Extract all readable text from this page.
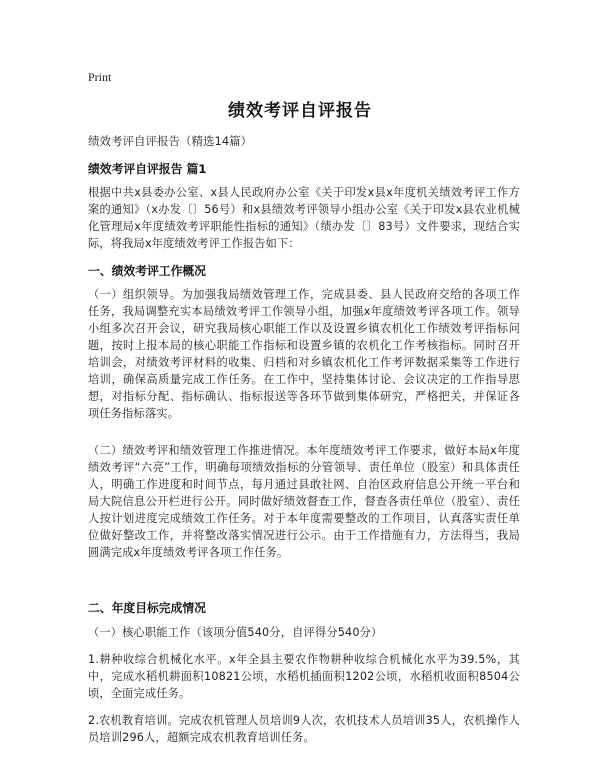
Print
绩效考评自评报告
绩效考评自评报告（精选14篇）
绩效考评自评报告 篇1
根据中共x县委办公室、x县人民政府办公室《关于印发x县x年度机关绩效考评工作方案的通知》（x办发〔〕56号）和x县绩效考评领导小组办公室《关于印发x县农业机械化管理局x年度绩效考评职能性指标的通知》（绩办发〔〕83号）文件要求，现结合实际，将我局x年度绩效考评工作报告如下：
一、绩效考评工作概况
（一）组织领导。为加强我局绩效管理工作，完成县委、县人民政府交给的各项工作任务，我局调整充实本局绩效考评工作领导小组，加强x年度绩效考评各项工作。领导小组多次召开会议，研究我局核心职能工作以及设置乡镇农机化工作绩效考评指标问题，按时上报本局的核心职能工作指标和设置乡镇的农机化工作考核指标。同时召开培训会，对绩效考评材料的收集、归档和对乡镇农机化工作考评数据采集等工作进行培训，确保高质量完成工作任务。在工作中，坚持集体讨论、会议决定的工作指导思想，对指标分配、指标确认、指标报送等各环节做到集体研究，严格把关，并保证各项任务指标落实。
（二）绩效考评和绩效管理工作推进情况。本年度绩效考评工作要求，做好本局x年度绩效考评“六亮”工作，明确每项绩效指标的分管领导、责任单位（股室）和具体责任人，明确工作进度和时间节点，每月通过县敢社网、自治区政府信息公开统一平台和局大院信息公开栏进行公开。同时做好绩效督查工作，督查各责任单位（股室）、责任人按计划进度完成绩效工作任务。对于本年度需要整改的工作项目，认真落实责任单位做好整改工作，并将整改落实情况进行公示。由于工作措施有力，方法得当，我局圆满完成x年度绩效考评各项工作任务。
二、年度目标完成情况
（一）核心职能工作（该项分值540分，自评得分540分）
1.耕种收综合机械化水平。x年全县主要农作物耕种收综合机械化水平为39.5%，其中，完成水稻机耕面积10821公顷，水稻机插面积1202公顷，水稻机收面积8504公顷，全面完成任务。
2.农机教育培训。完成农机管理人员培训9人次，农机技术人员培训35人，农机操作人员培训296人，超额完成农机教育培训任务。
